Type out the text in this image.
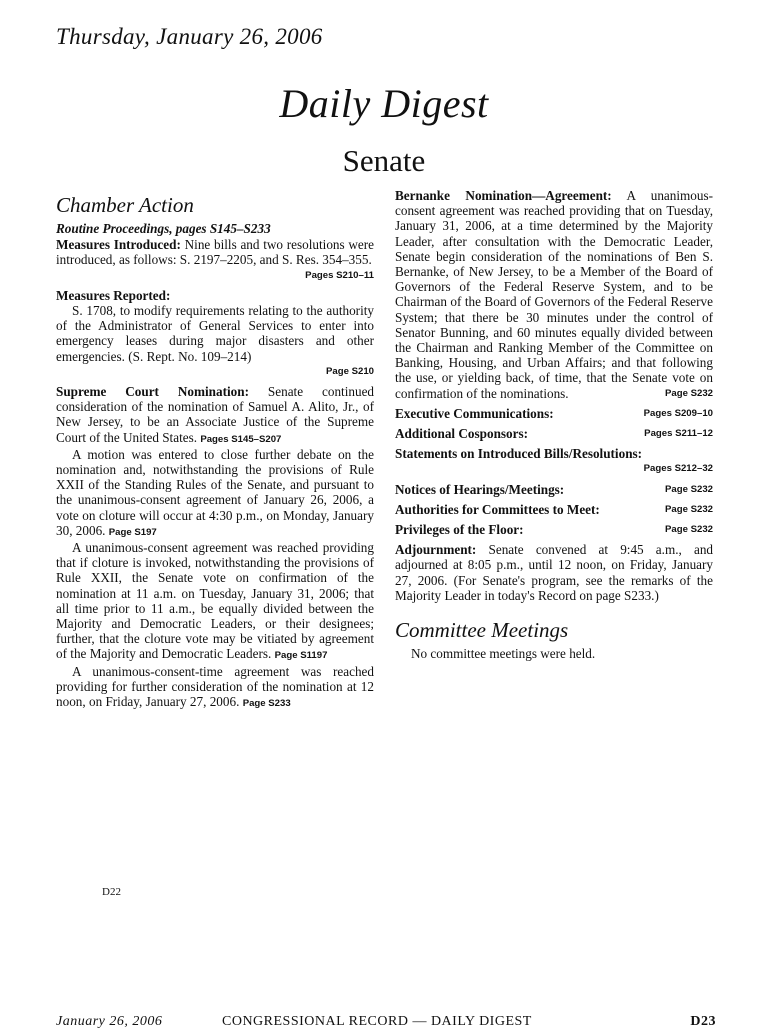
Thursday, January 26, 2006
Daily Digest
Senate
Chamber Action
Routine Proceedings, pages S145–S233

Measures Introduced: Nine bills and two resolutions were introduced, as follows: S. 2197–2205, and S. Res. 354–355.
Pages S210–11

Measures Reported:

S. 1708, to modify requirements relating to the authority of the Administrator of General Services to enter into emergency leases during major disasters and other emergencies. (S. Rept. No. 109–214)
Page S210

Supreme Court Nomination: Senate continued consideration of the nomination of Samuel A. Alito, Jr., of New Jersey, to be an Associate Justice of the Supreme Court of the United States. Pages S145–S207

A motion was entered to close further debate on the nomination and, notwithstanding the provisions of Rule XXII of the Standing Rules of the Senate, and pursuant to the unanimous-consent agreement of January 26, 2006, a vote on cloture will occur at 4:30 p.m., on Monday, January 30, 2006. Page S197

A unanimous-consent agreement was reached providing that if cloture is invoked, notwithstanding the provisions of Rule XXII, the Senate vote on confirmation of the nomination at 11 a.m. on Tuesday, January 31, 2006; that all time prior to 11 a.m., be equally divided between the Majority and Democratic Leaders, or their designees; further, that the cloture vote may be vitiated by agreement of the Majority and Democratic Leaders. Page S1197

A unanimous-consent-time agreement was reached providing for further consideration of the nomination at 12 noon, on Friday, January 27, 2006. Page S233

Bernanke Nomination—Agreement: A unanimous-consent agreement was reached providing that on Tuesday, January 31, 2006, at a time determined by the Majority Leader, after consultation with the Democratic Leader, Senate begin consideration of the nominations of Ben S. Bernanke, of New Jersey, to be a Member of the Board of Governors of the Federal Reserve System, and to be Chairman of the Board of Governors of the Federal Reserve System; that there be 30 minutes under the control of Senator Bunning, and 60 minutes equally divided between the Chairman and Ranking Member of the Committee on Banking, Housing, and Urban Affairs; and that following the use, or yielding back, of time, that the Senate vote on confirmation of the nominations.	Page S232

Executive Communications:	Pages S209–10
Additional Cosponsors:	Pages S211–12
Statements on Introduced Bills/Resolutions:
Pages S212–32
Notices of Hearings/Meetings:	Page S232
Authorities for Committees to Meet:	Page S232
Privileges of the Floor:	Page S232

Adjournment: Senate convened at 9:45 a.m., and adjourned at 8:05 p.m., until 12 noon, on Friday, January 27, 2006. (For Senate's program, see the remarks of the Majority Leader in today's Record on page S233.)

Committee Meetings

No committee meetings were held.

D22
January 26, 2006	CONGRESSIONAL RECORD — DAILY DIGEST	D23
